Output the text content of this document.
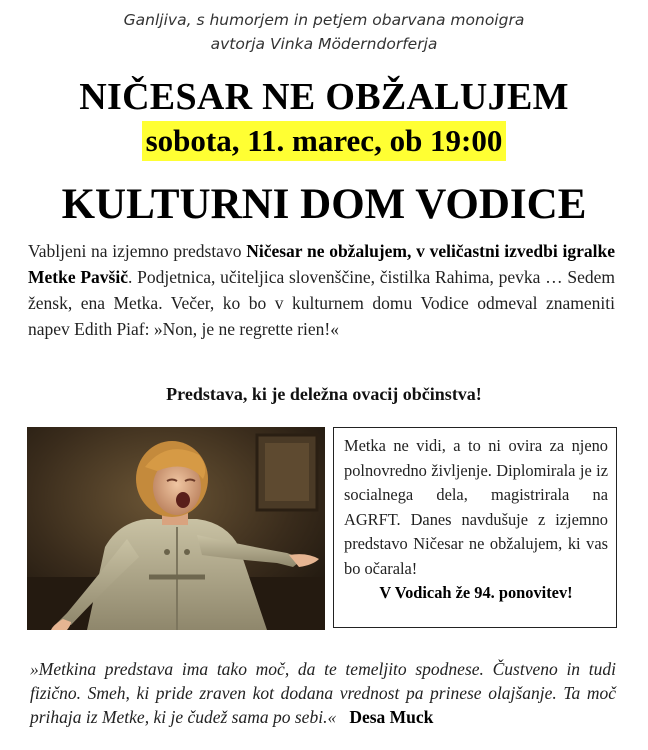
Ganljiva, s humorjem in petjem obarvana monoigra
avtorja Vinka Möderndorferja
NIČESAR NE OBŽALUJEM
sobota, 11. marec, ob 19:00
KULTURNI DOM VODICE
Vabljeni na izjemno predstavo Ničesar ne obžalujem, v veličastni izvedbi igralke Metke Pavšič. Podjetnica, učiteljica slovenščine, čistilka Rahima, pevka … Sedem žensk, ena Metka. Večer, ko bo v kulturnem domu Vodice odmeval znameniti napev Edith Piaf: »Non, je ne regrette rien!«
Predstava, ki je deležna ovacij občinstva!
Metka ne vidi, a to ni ovira za njeno polnovredno življenje. Diplomirala je iz socialnega dela, magistrirala na AGRFT. Danes navdušuje z izjemno predstavo Ničesar ne obžalujem, ki vas bo očarala!
V Vodicah že 94. ponovitev!
»Metkina predstava ima tako moč, da te temeljito spodnese. Čustveno in tudi fizično. Smeh, ki pride zraven kot dodana vrednost pa prinese olajšanje. Ta moč prihaja iz Metke, ki je čudež sama po sebi.« Desa Muck
